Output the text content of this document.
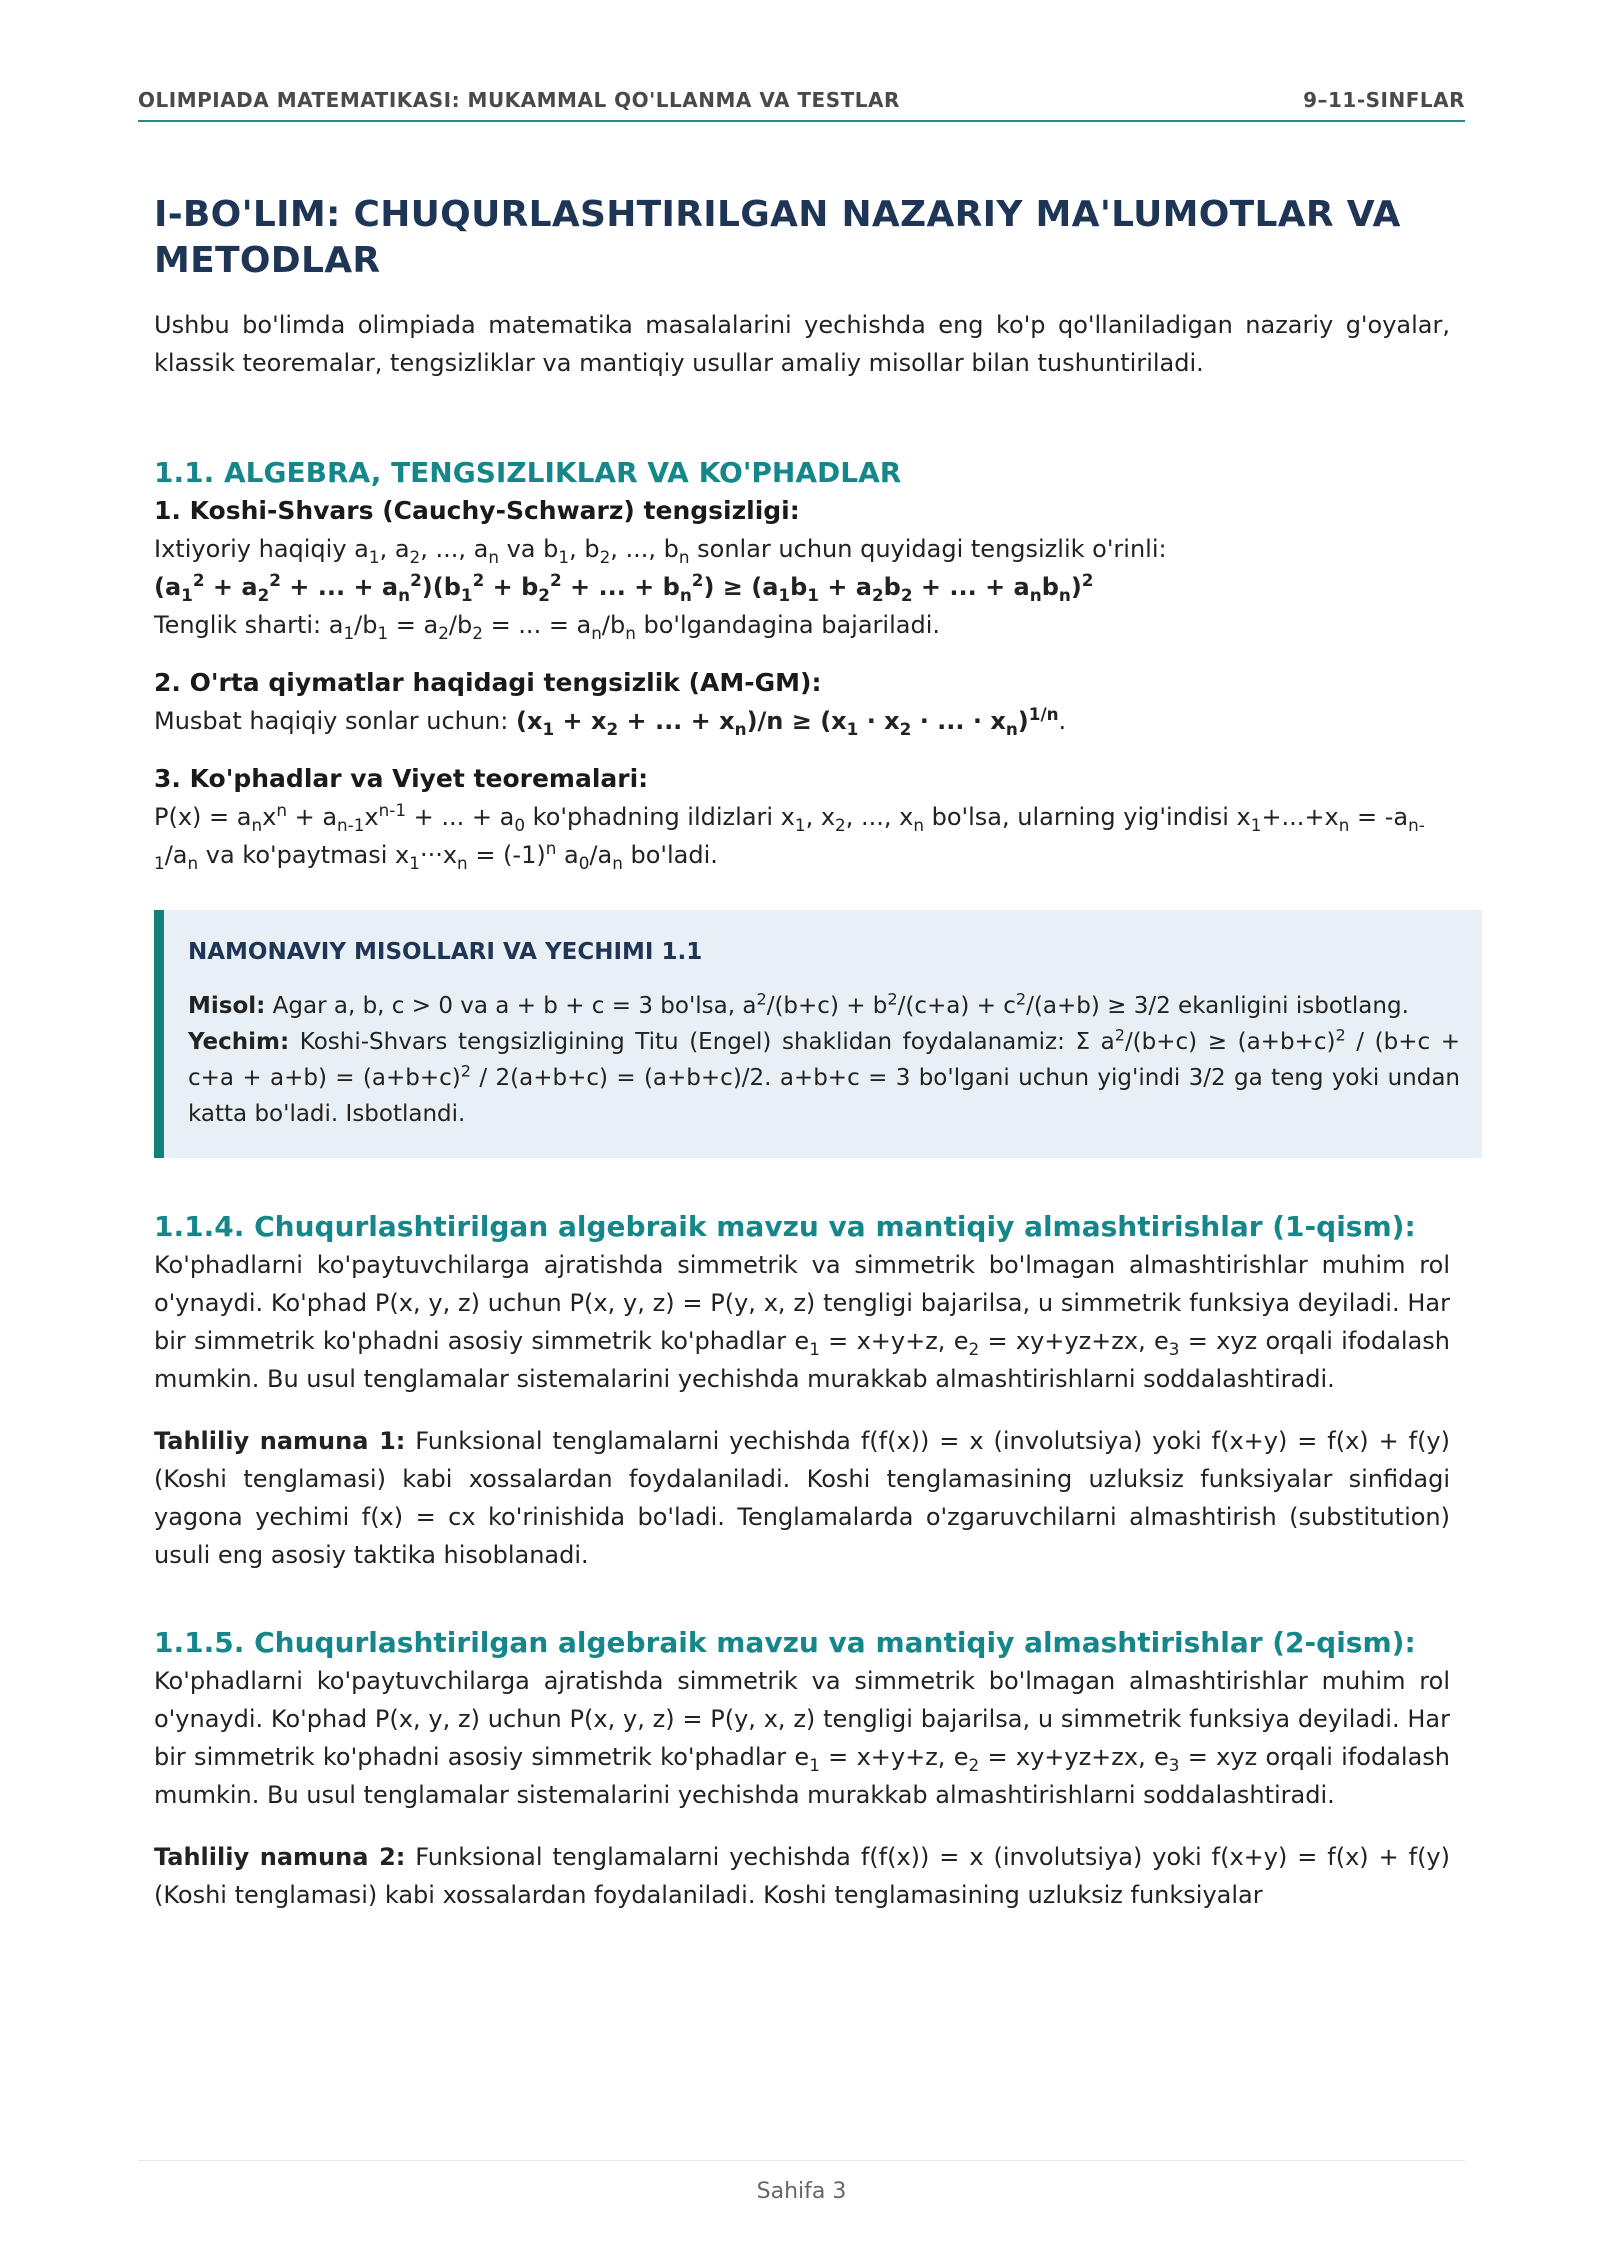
OLIMPIADA MATEMATIKASI: MUKAMMAL QO'LLANMA VA TESTLAR	9–11-SINFLAR
I-BO'LIM: CHUQURLASHTIRILGAN NAZARIY MA'LUMOTLAR VA METODLAR

Ushbu bo'limda olimpiada matematika masalalarini yechishda eng ko'p qo'llaniladigan nazariy g'oyalar, klassik teoremalar, tengsizliklar va mantiqiy usullar amaliy misollar bilan tushuntiriladi.

1.1. ALGEBRA, TENGSIZLIKLAR VA KO'PHADLAR

1. Koshi-Shvars (Cauchy-Schwarz) tengsizligi:

Ixtiyoriy haqiqiy $a_1$, $a_2$, ..., $a_n$ va $b_1$, $b_2$, ..., $b_n$ sonlar uchun quyidagi tengsizlik o'rinli:

($a_1^2 + a_2^2$ + ... + $a_n^2)(b_1^2 + b_2^2$ + ... + $b_n^2) \ge (a_1b_1 + a_2b_2$ + ... + $a_nb_n)^2$

Tenglik sharti: $a_1/b_1 = a_2/b_2$ = ... = $a_n/b_n$ bo'lgandagina bajariladi.

2. O'rta qiymatlar haqidagi tengsizlik (AM-GM):

Musbat haqiqiy sonlar uchun: ($x_1 + x_2$ + ... + $x_n)/n \ge (x_1 \cdot x_2$ · ... · $x_n)^{1/n}$.

3. Ko'phadlar va Viyet teoremalari:

$P(x) = a_nx^n + a_{n-1}x^{n-1}$ + ... + $a_0$ ko'phadning ildizlari $x_1$, $x_2$, ..., $x_n$ bo'lsa, ularning yig'indisi $x_1+...+x_n = -a_{n-1}/a_n$ va ko'paytmasi $x_1\cdot\cdot\cdot x_n = (-1)^n$ $a_0/a_n$ bo'ladi.

NAMONAVIY MISOLLARI VA YECHIMI 1.1

Misol: Agar a, b, c > 0 va a + b + c = 3 bo'lsa, $a^2/(b+c) + b^2/(c+a) + c^2/(a+b) \ge 3/2$ ekanligini isbotlang.

Yechim: Koshi-Shvars tengsizligining Titu (Engel) shaklidan foydalanamiz: Σ $a^2/(b+c) \ge (a+b+c)^2 / (b+c + c+a + a+b) = (a+b+c)^2 / 2(a+b+c) = (a+b+c)/2$. a+b+c = 3 bo'lgani uchun yig'indi 3/2 ga teng yoki undan katta bo'ladi. Isbotlandi.

1.1.4. Chuqurlashtirilgan algebraik mavzu va mantiqiy almashtirishlar (1-qism):

Ko'phadlarni ko'paytuvchilarga ajratishda simmetrik va simmetrik bo'lmagan almashtirishlar muhim rol o'ynaydi. Ko'phad P(x, y, z) uchun P(x, y, z) = P(y, x, z) tengligi bajarilsa, u simmetrik funksiya deyiladi. Har bir simmetrik ko'phadni asosiy simmetrik ko'phadlar $e_1 = x+y+z$, $e_2 = xy+yz+zx$, $e_3$ = xyz orqali ifodalash mumkin. Bu usul tenglamalar sistemalarini yechishda murakkab almashtirishlarni soddalashtiradi.

Tahliliy namuna 1: Funksional tenglamalarni yechishda f(f(x)) = x (involutsiya) yoki f(x+y) = f(x) + f(y) (Koshi tenglamasi) kabi xossalardan foydalaniladi. Koshi tenglamasining uzluksiz funksiyalar sinfidagi yagona yechimi f(x) = cx ko'rinishida bo'ladi. Tenglamalarda o'zgaruvchilarni almashtirish (substitution) usuli eng asosiy taktika hisoblanadi.

1.1.5. Chuqurlashtirilgan algebraik mavzu va mantiqiy almashtirishlar (2-qism):

Ko'phadlarni ko'paytuvchilarga ajratishda simmetrik va simmetrik bo'lmagan almashtirishlar muhim rol o'ynaydi. Ko'phad P(x, y, z) uchun P(x, y, z) = P(y, x, z) tengligi bajarilsa, u simmetrik funksiya deyiladi. Har bir simmetrik ko'phadni asosiy simmetrik ko'phadlar $e_1 = x+y+z$, $e_2 = xy+yz+zx$, $e_3$ = xyz orqali ifodalash mumkin. Bu usul tenglamalar sistemalarini yechishda murakkab almashtirishlarni soddalashtiradi.

Tahliliy namuna 2: Funksional tenglamalarni yechishda f(f(x)) = x (involutsiya) yoki f(x+y) = f(x) + f(y) (Koshi tenglamasi) kabi xossalardan foydalaniladi. Koshi tenglamasining uzluksiz funksiyalar

Sahifa 3
